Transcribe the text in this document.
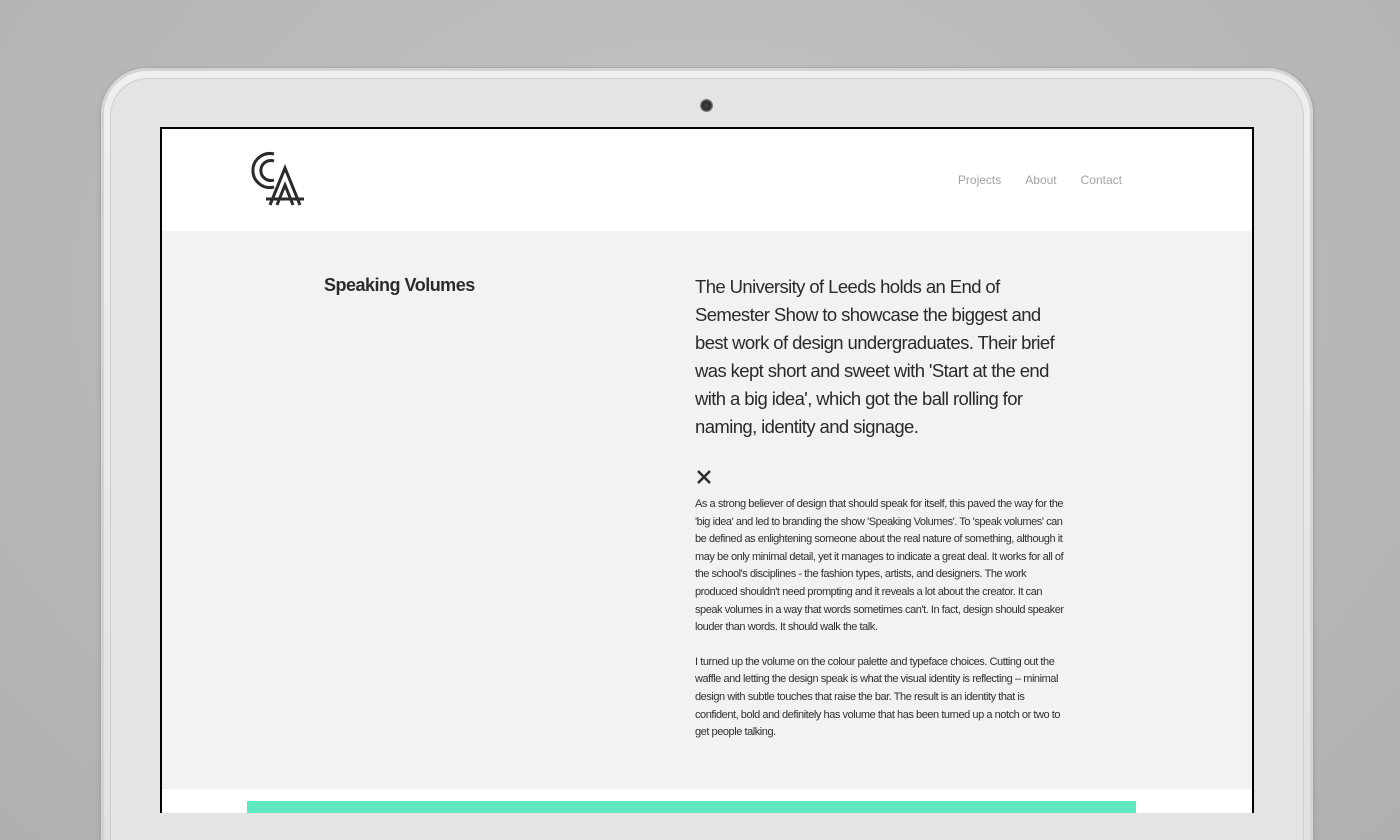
Projects About Contact
Speaking Volumes	The University of Leeds holds an End of Semester Show to showcase the biggest and best work of design undergraduates. Their brief was kept short and sweet with 'Start at the end with a big idea', which got the ball rolling for naming, identity and signage.

As a strong believer of design that should speak for itself, this paved the way for the 'big idea' and led to branding the show 'Speaking Volumes'. To 'speak volumes' can be defined as enlightening someone about the real nature of something, although it may be only minimal detail, yet it manages to indicate a great deal. It works for all of the school's disciplines - the fashion types, artists, and designers. The work produced shouldn't need prompting and it reveals a lot about the creator. It can speak volumes in a way that words sometimes can't. In fact, design should speaker louder than words. It should walk the talk.

I turned up the volume on the colour palette and typeface choices. Cutting out the waffle and letting the design speak is what the visual identity is reflecting – minimal design with subtle touches that raise the bar. The result is an identity that is confident, bold and definitely has volume that has been turned up a notch or two to get people talking.
